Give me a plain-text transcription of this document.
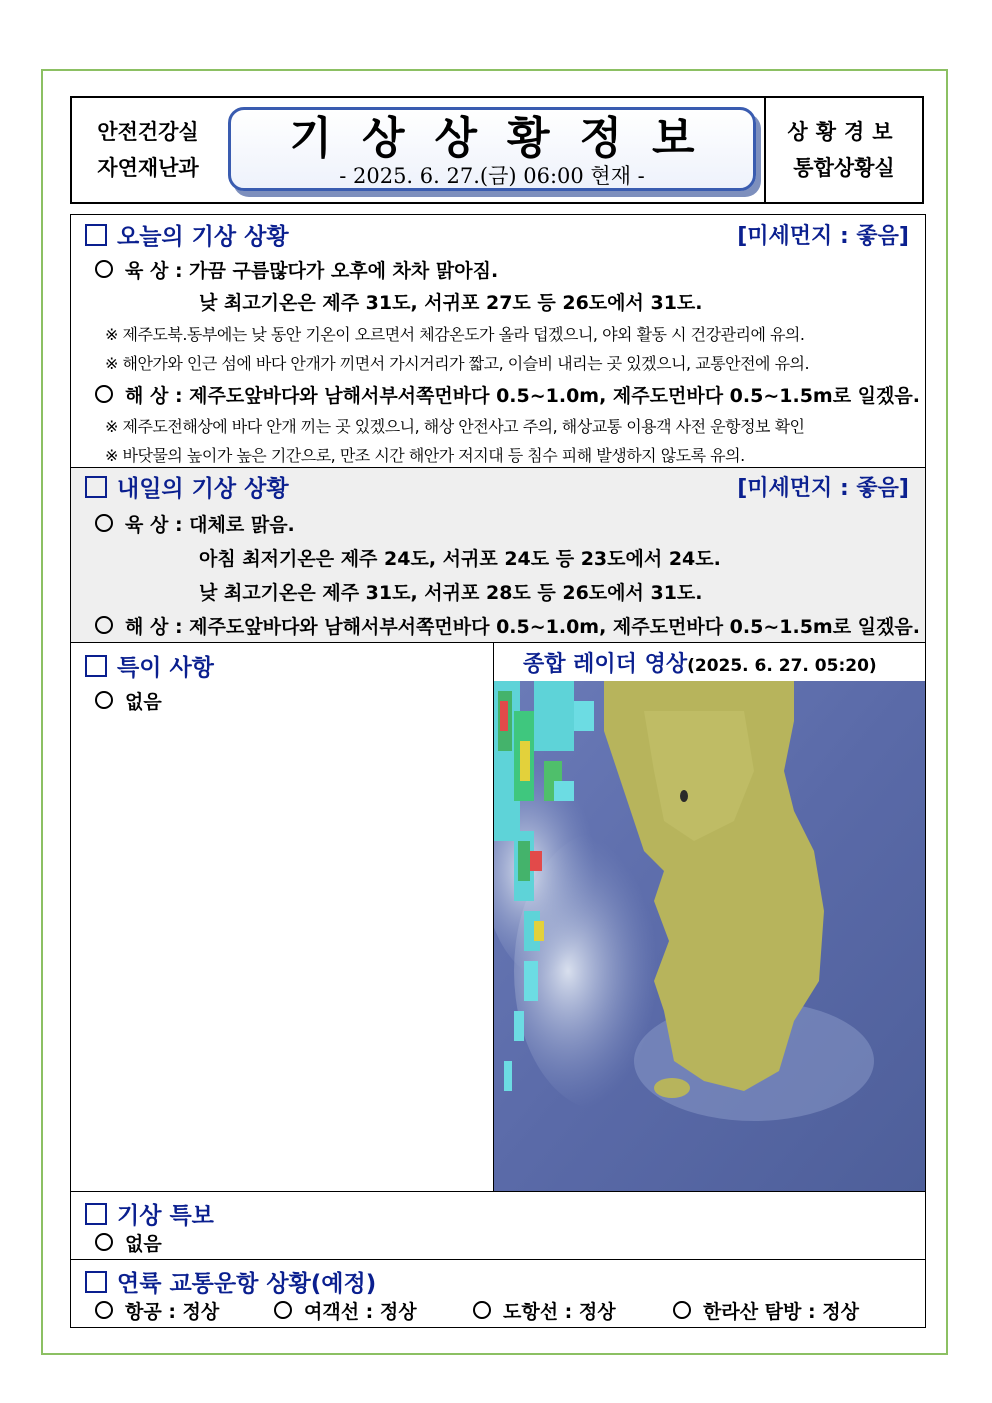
안전건강실
자연재난과
기상상황정보
- 2025. 6. 27.(금) 06:00 현재 -
상황경보
통합상황실
오늘의 기상 상황	[미세먼지 : 좋음]
육 상 : 가끔 구름많다가 오후에 차차 맑아짐.
낮 최고기온은 제주 31도, 서귀포 27도 등 26도에서 31도.
※ 제주도북.동부에는 낮 동안 기온이 오르면서 체감온도가 올라 덥겠으니, 야외 활동 시 건강관리에 유의.
※ 해안가와 인근 섬에 바다 안개가 끼면서 가시거리가 짧고, 이슬비 내리는 곳 있겠으니, 교통안전에 유의.
해 상 : 제주도앞바다와 남해서부서쪽먼바다 0.5~1.0m, 제주도먼바다 0.5~1.5m로 일겠음.
※ 제주도전해상에 바다 안개 끼는 곳 있겠으니, 해상 안전사고 주의, 해상교통 이용객 사전 운항정보 확인
※ 바닷물의 높이가 높은 기간으로, 만조 시간 해안가 저지대 등 침수 피해 발생하지 않도록 유의.
내일의 기상 상황	[미세먼지 : 좋음]
육 상 : 대체로 맑음.
아침 최저기온은 제주 24도, 서귀포 24도 등 23도에서 24도.
낮 최고기온은 제주 31도, 서귀포 28도 등 26도에서 31도.
해 상 : 제주도앞바다와 남해서부서쪽먼바다 0.5~1.0m, 제주도먼바다 0.5~1.5m로 일겠음.
특이 사항
없음
종합 레이더 영상(2025. 6. 27. 05:20)
기상 특보
없음
연륙 교통운항 상황(예정)
항공 : 정상	여객선 : 정상	도항선 : 정상	한라산 탐방 : 정상
